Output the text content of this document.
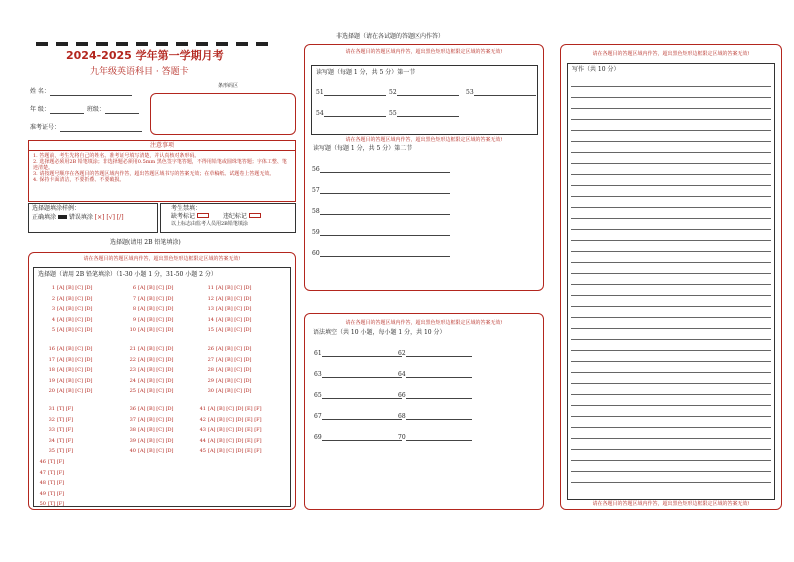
2024-2025 学年第一学期月考
九年级英语科目 · 答题卡
姓 名：
年 级：	班级：
准考证号：
条形码区
注意事项
1. 答题前，考生先将自己的姓名、准考证号填写清楚，并认真核对条形码。
2. 选择题必须用2B 铅笔填涂；非选择题必须用0.5mm 黑色签字笔答题，不得用铅笔或圆珠笔答题；字体工整、笔迹清楚。
3. 请按题号顺序在各题目的答题区域内作答，超出答题区域书写的答案无效；在草稿纸、试题卷上答题无效。
4. 保持卡面清洁，不要折叠、不要破损。
选择题填涂样例：
正确填涂 错误填涂 [×] [√] [/]
考生禁填：
缺考标记	违纪标记
以上标志由监考人员用2B铅笔填涂
选择题(请用 2B 铅笔填涂)
请在各题目的答题区域内作答，超出黑色矩形边框限定区域的答案无效!
选择题（请用 2B 铅笔填涂）（1-30 小题 1 分，31-50 小题 2 分）
1 [A] [B] [C] [D]
2 [A] [B] [C] [D]
3 [A] [B] [C] [D]
4 [A] [B] [C] [D]
5 [A] [B] [C] [D]
6 [A] [B] [C] [D]
7 [A] [B] [C] [D]
8 [A] [B] [C] [D]
9 [A] [B] [C] [D]
10 [A] [B] [C] [D]
11 [A] [B] [C] [D]
12 [A] [B] [C] [D]
13 [A] [B] [C] [D]
14 [A] [B] [C] [D]
15 [A] [B] [C] [D]
16 [A] [B] [C] [D]
17 [A] [B] [C] [D]
18 [A] [B] [C] [D]
19 [A] [B] [C] [D]
20 [A] [B] [C] [D]
21 [A] [B] [C] [D]
22 [A] [B] [C] [D]
23 [A] [B] [C] [D]
24 [A] [B] [C] [D]
25 [A] [B] [C] [D]
26 [A] [B] [C] [D]
27 [A] [B] [C] [D]
28 [A] [B] [C] [D]
29 [A] [B] [C] [D]
30 [A] [B] [C] [D]
31 [T] [F]
32 [T] [F]
33 [T] [F]
34 [T] [F]
35 [T] [F]
36 [A] [B] [C] [D]
37 [A] [B] [C] [D]
38 [A] [B] [C] [D]
39 [A] [B] [C] [D]
40 [A] [B] [C] [D]
41 [A] [B] [C] [D] [E] [F]
42 [A] [B] [C] [D] [E] [F]
43 [A] [B] [C] [D] [E] [F]
44 [A] [B] [C] [D] [E] [F]
45 [A] [B] [C] [D] [E] [F]
46 [T] [F]
47 [T] [F]
48 [T] [F]
49 [T] [F]
50 [T] [F]
非选择题（请在各试题的答题区内作答）
请在各题目的答题区域内作答，超出黑色矩形边框限定区域的答案无效!
读写题（每题 1 分，共 5 分）第一节
请在各题目的答题区域内作答，超出黑色矩形边框限定区域的答案无效!
读写题（每题 1 分，共 5 分）第二节
51	52	53
54	55
56
57
58
59
60
请在各题目的答题区域内作答，超出黑色矩形边框限定区域的答案无效!
语法填空（共 10 小题，每小题 1 分，共 10 分）
61	62
63	64
65	66
67	68
69	70
请在各题目的答题区域内作答，超出黑色矩形边框限定区域的答案无效!
写作（共 10 分）
请在各题目的答题区域内作答，超出黑色矩形边框限定区域的答案无效!
